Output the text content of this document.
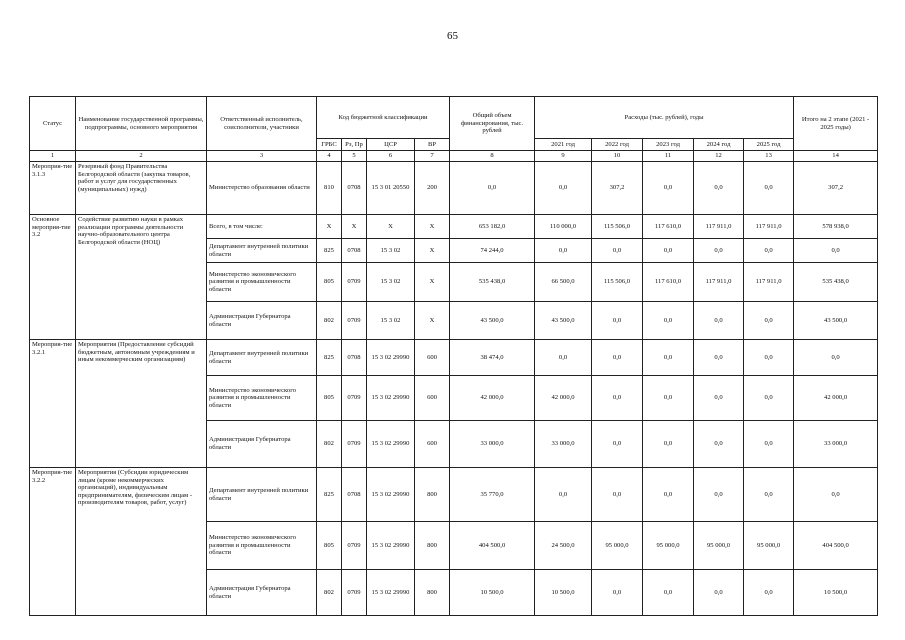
65
Статус	Наименование государственной программы, подпрограммы, основного мероприятия	Ответственный исполнитель, соисполнители, участники	Код бюджетной классификации				Общий объем финансирования, тыс. рублей	Расходы (тыс. рублей), годы					Итого на 2 этапе (2021 - 2025 годы)
			ГРБС	Рз, Пр	ЦСР	ВР		2021 год	2022 год	2023 год	2024 год	2025 год	
1	2	3	4	5	6	7	8	9	10	11	12	13	14
Мероприя-тие 3.1.3	Резервный фонд Правительства Белгородской области (закупка товаров, работ и услуг для государственных (муниципальных) нужд)	Министерство образования области	810	0708	15 3 01 20550	200	0,0	0,0	307,2	0,0	0,0	0,0	307,2
Основное мероприя-тие 3.2	Содействие развитию науки в рамках реализации программы деятельности научно-образовательного центра Белгородской области (НОЦ)	Всего, в том числе:	X	X	X	X	653 182,0	110 000,0	115 506,0	117 610,0	117 911,0	117 911,0	578 938,0
		Департамент внутренней политики области	825	0708	15 3 02	X	74 244,0	0,0	0,0	0,0	0,0	0,0	0,0
		Министерство экономического развития и промышленности области	805	0709	15 3 02	X	535 438,0	66 500,0	115 506,0	117 610,0	117 911,0	117 911,0	535 438,0
		Администрация Губернатора области	802	0709	15 3 02	X	43 500,0	43 500,0	0,0	0,0	0,0	0,0	43 500,0
Мероприя-тие 3.2.1	Мероприятия (Предоставление субсидий бюджетным, автономным учреждениям и иным некоммерческим организациям)	Департамент внутренней политики области	825	0708	15 3 02 29990	600	38 474,0	0,0	0,0	0,0	0,0	0,0	0,0
		Министерство экономического развития и промышленности области	805	0709	15 3 02 29990	600	42 000,0	42 000,0	0,0	0,0	0,0	0,0	42 000,0
		Администрация Губернатора области	802	0709	15 3 02 29990	600	33 000,0	33 000,0	0,0	0,0	0,0	0,0	33 000,0
Мероприя-тие 3.2.2	Мероприятия (Субсидии юридическим лицам (кроме некоммерческих организаций), индивидуальным предпринимателям, физическим лицам - производителям товаров, работ, услуг)	Департамент внутренней политики области	825	0708	15 3 02 29990	800	35 770,0	0,0	0,0	0,0	0,0	0,0	0,0
		Министерство экономического развития и промышленности области	805	0709	15 3 02 29990	800	404 500,0	24 500,0	95 000,0	95 000,0	95 000,0	95 000,0	404 500,0
		Администрация Губернатора области	802	0709	15 3 02 29990	800	10 500,0	10 500,0	0,0	0,0	0,0	0,0	10 500,0
